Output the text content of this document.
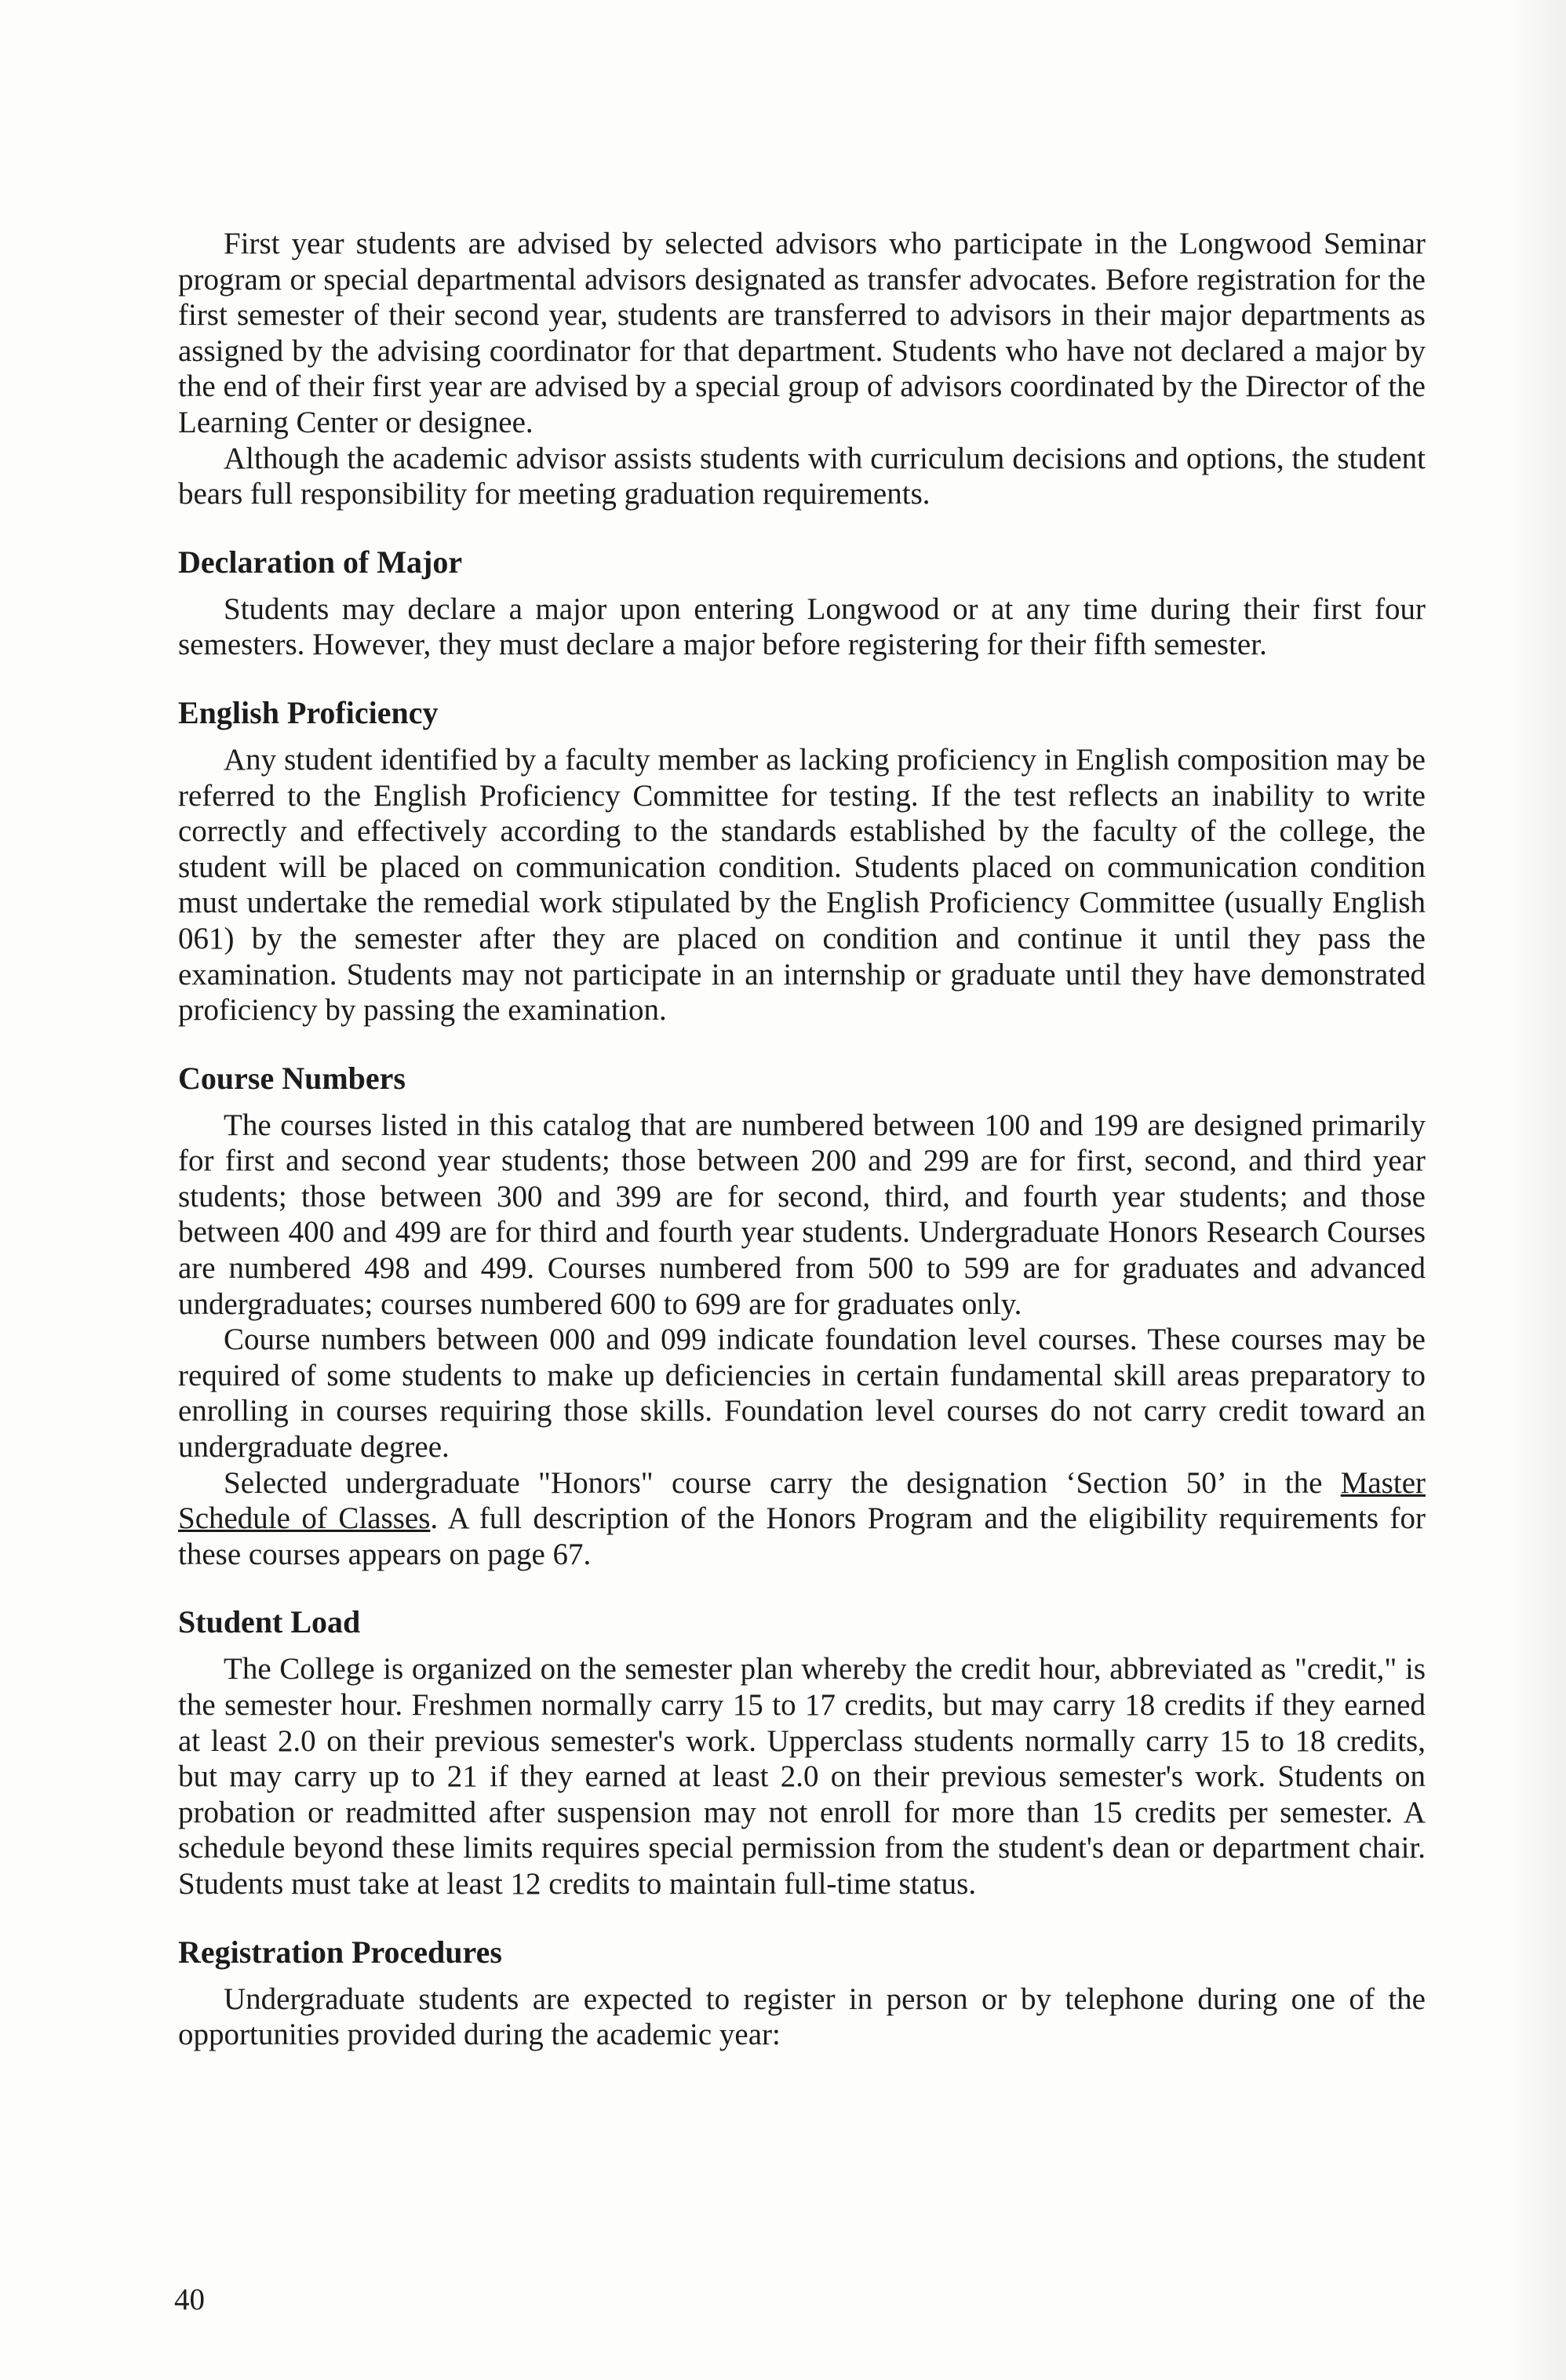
First year students are advised by selected advisors who participate in the Longwood Seminar program or special departmental advisors designated as transfer advocates. Before registration for the first semester of their second year, students are transferred to advisors in their major departments as assigned by the advising coordinator for that department. Students who have not declared a major by the end of their first year are advised by a special group of advisors coordinated by the Director of the Learning Center or designee.

Although the academic advisor assists students with curriculum decisions and options, the student bears full responsibility for meeting graduation requirements.

Declaration of Major

Students may declare a major upon entering Longwood or at any time during their first four semesters. However, they must declare a major before registering for their fifth semester.

English Proficiency

Any student identified by a faculty member as lacking proficiency in English composition may be referred to the English Proficiency Committee for testing. If the test reflects an inability to write correctly and effectively according to the standards established by the faculty of the college, the student will be placed on communication condition. Students placed on communication condition must undertake the remedial work stipulated by the English Proficiency Committee (usually English 061) by the semester after they are placed on condition and continue it until they pass the examination. Students may not participate in an internship or graduate until they have demonstrated proficiency by passing the examination.

Course Numbers

The courses listed in this catalog that are numbered between 100 and 199 are designed primarily for first and second year students; those between 200 and 299 are for first, second, and third year students; those between 300 and 399 are for second, third, and fourth year students; and those between 400 and 499 are for third and fourth year students. Undergraduate Honors Research Courses are numbered 498 and 499. Courses numbered from 500 to 599 are for graduates and advanced undergraduates; courses numbered 600 to 699 are for graduates only.

Course numbers between 000 and 099 indicate foundation level courses. These courses may be required of some students to make up deficiencies in certain fundamental skill areas preparatory to enrolling in courses requiring those skills. Foundation level courses do not carry credit toward an undergraduate degree.

Selected undergraduate "Honors" course carry the designation ‘Section 50’ in the Master Schedule of Classes. A full description of the Honors Program and the eligibility requirements for these courses appears on page 67.

Student Load

The College is organized on the semester plan whereby the credit hour, abbreviated as "credit," is the semester hour. Freshmen normally carry 15 to 17 credits, but may carry 18 credits if they earned at least 2.0 on their previous semester's work. Upperclass students normally carry 15 to 18 credits, but may carry up to 21 if they earned at least 2.0 on their previous semester's work. Students on probation or readmitted after suspension may not enroll for more than 15 credits per semester. A schedule beyond these limits requires special permission from the student's dean or department chair. Students must take at least 12 credits to maintain full-time status.

Registration Procedures

Undergraduate students are expected to register in person or by telephone during one of the opportunities provided during the academic year:

40
